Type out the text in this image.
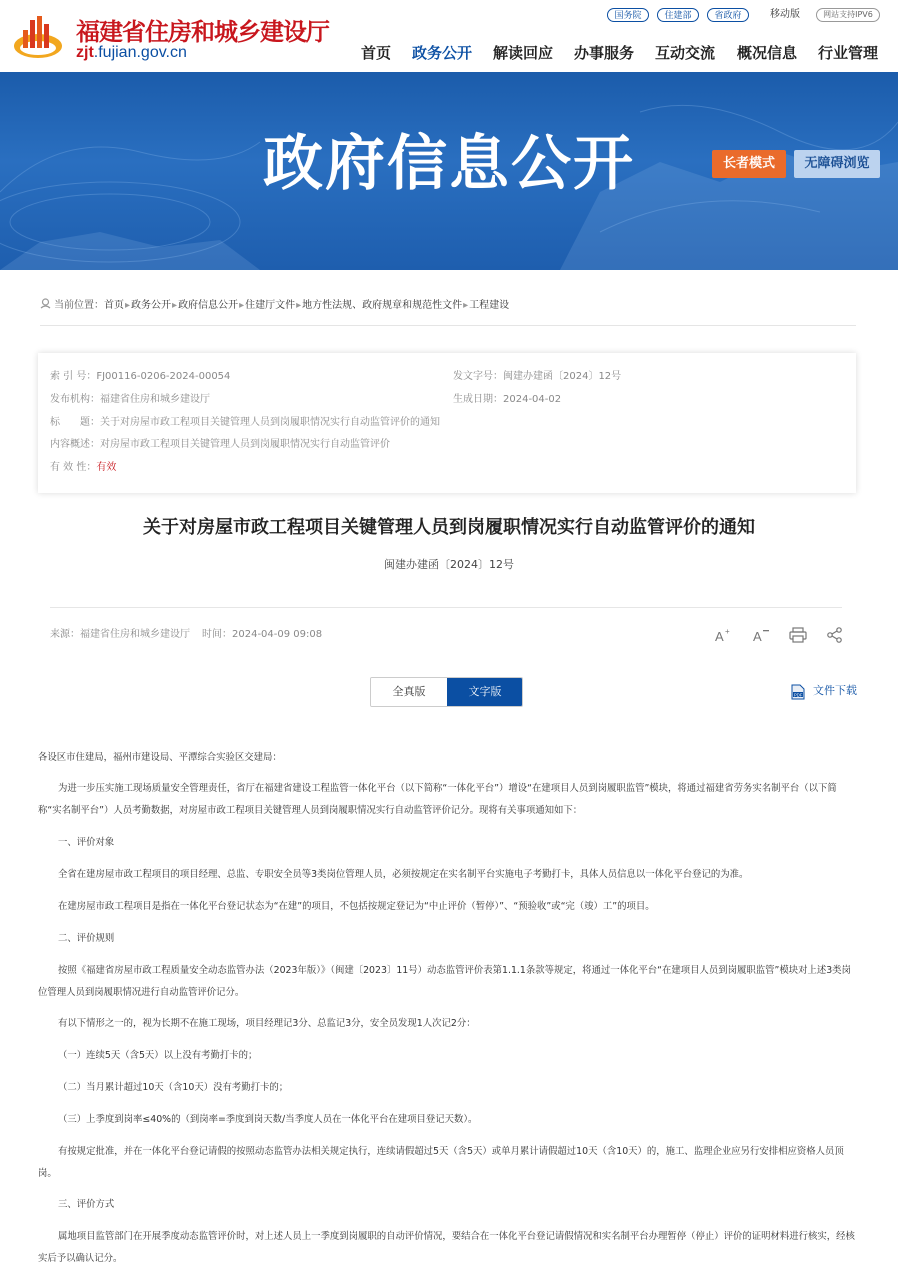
福建省住房和城乡建设厅
zjt.fujian.gov.cn
国务院	住建部	省政府	移动版	网站支持IPV6
首页 政务公开 解读回应 办事服务 互动交流 概况信息 行业管理
政府信息公开	长者模式	无障碍浏览
当前位置：首页▸政务公开▸政府信息公开▸住建厅文件▸地方性法规、政府规章和规范性文件▸工程建设
索 引 号：FJ00116-0206-2024-00054	发文字号：闽建办建函〔2024〕12号
发布机构：福建省住房和城乡建设厅	生成日期：2024-04-02
标　　题：关于对房屋市政工程项目关键管理人员到岗履职情况实行自动监管评价的通知
内容概述：对房屋市政工程项目关键管理人员到岗履职情况实行自动监管评价
有 效 性：有效
关于对房屋市政工程项目关键管理人员到岗履职情况实行自动监管评价的通知
闽建办建函〔2024〕12号
来源：福建省住房和城乡建设厅 时间：2024-04-09 09:08	A + A
全真版	文字版	PDF 文件下载
各设区市住建局，福州市建设局、平潭综合实验区交建局：
为进一步压实施工现场质量安全管理责任，省厅在福建省建设工程监管一体化平台（以下简称“一体化平台”）增设“在建项目人员到岗履职监管”模块，将通过福建省劳务实名制平台（以下简称“实名制平台”）人员考勤数据，对房屋市政工程项目关键管理人员到岗履职情况实行自动监管评价记分。现将有关事项通知如下：
一、评价对象
全省在建房屋市政工程项目的项目经理、总监、专职安全员等3类岗位管理人员，必须按规定在实名制平台实施电子考勤打卡，具体人员信息以一体化平台登记的为准。
在建房屋市政工程项目是指在一体化平台登记状态为“在建”的项目，不包括按规定登记为“中止评价（暂停）”、“预验收”或“完（竣）工”的项目。
二、评价规则
按照《福建省房屋市政工程质量安全动态监管办法（2023年版）》（闽建〔2023〕11号）动态监管评价表第1.1.1条款等规定，将通过一体化平台“在建项目人员到岗履职监管”模块对上述3类岗位管理人员到岗履职情况进行自动监管评价记分。
有以下情形之一的，视为长期不在施工现场，项目经理记3分、总监记3分，安全员发现1人次记2分：
（一）连续5天（含5天）以上没有考勤打卡的；
（二）当月累计超过10天（含10天）没有考勤打卡的；
（三）上季度到岗率≤40%的（到岗率=季度到岗天数/当季度人员在一体化平台在建项目登记天数）。
有按规定批准，并在一体化平台登记请假的按照动态监管办法相关规定执行，连续请假超过5天（含5天）或单月累计请假超过10天（含10天）的，施工、监理企业应另行安排相应资格人员顶岗。
三、评价方式
属地项目监管部门在开展季度动态监管评价时，对上述人员上一季度到岗履职的自动评价情况，要结合在一体化平台登记请假情况和实名制平台办理暂停（停止）评价的证明材料进行核实，经核实后予以确认记分。
